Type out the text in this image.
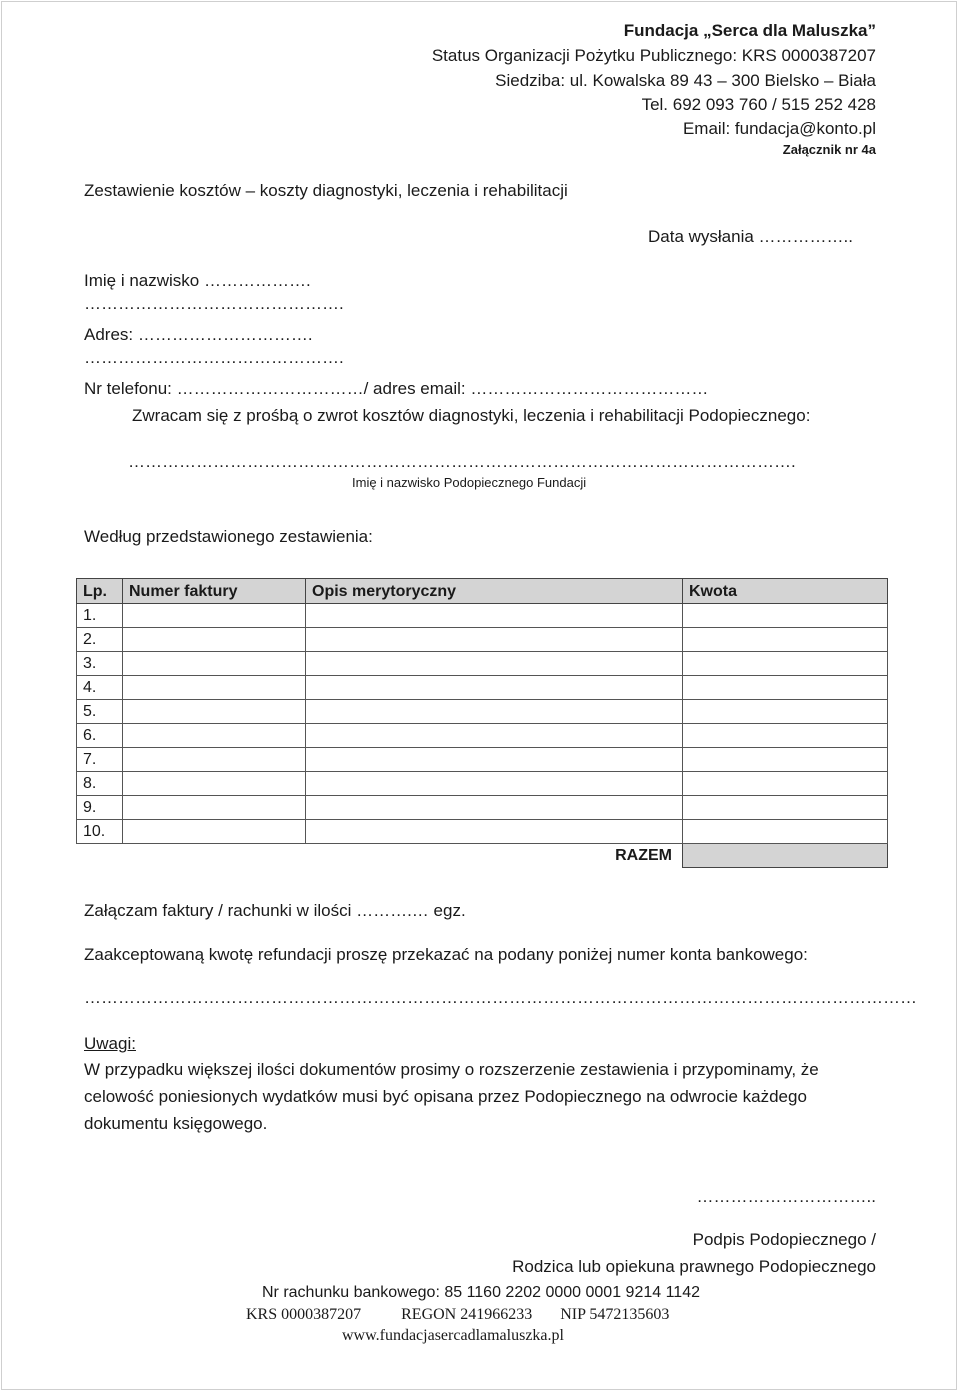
Fundacja „Serca dla Maluszka”
Status Organizacji Pożytku Publicznego: KRS 0000387207
Siedziba: ul. Kowalska 89 43 – 300 Bielsko – Biała
Tel. 692 093 760 / 515 252 428
Email: fundacja@konto.pl
Załącznik nr 4a
Zestawienie kosztów – koszty diagnostyki, leczenia i rehabilitacji
Data wysłania ……………..
Imię i nazwisko ……………….
……………………………………….
Adres: ………………………….
……………………………………….
Nr telefonu: ……………………………/ adres email: ……………………………………
Zwracam się z prośbą o zwrot kosztów diagnostyki, leczenia i rehabilitacji Podopiecznego:
……………………………………………………………………………………………………….
Imię i nazwisko Podopiecznego Fundacji
Według przedstawionego zestawienia:
Lp.	Numer faktury	Opis merytoryczny	Kwota
1.			
2.			
3.			
4.			
5.			
6.			
7.			
8.			
9.			
10.			
		RAZEM	
Załączam faktury / rachunki w ilości ……….… egz.
Zaakceptowaną kwotę refundacji proszę przekazać na podany poniżej numer konta bankowego:
…………………………………………………………………………………………………………………………………
Uwagi:
W przypadku większej ilości dokumentów prosimy o rozszerzenie zestawienia i przypominamy, że
celowość poniesionych wydatków musi być opisana przez Podopiecznego na odwrocie każdego
dokumentu księgowego.
…………………………..
Podpis Podopiecznego /
Rodzica lub opiekuna prawnego Podopiecznego
Nr rachunku bankowego: 85 1160 2202 0000 0001 9214 1142
KRS 0000387207          REGON 241966233       NIP 5472135603
www.fundacjasercadlamaluszka.pl
